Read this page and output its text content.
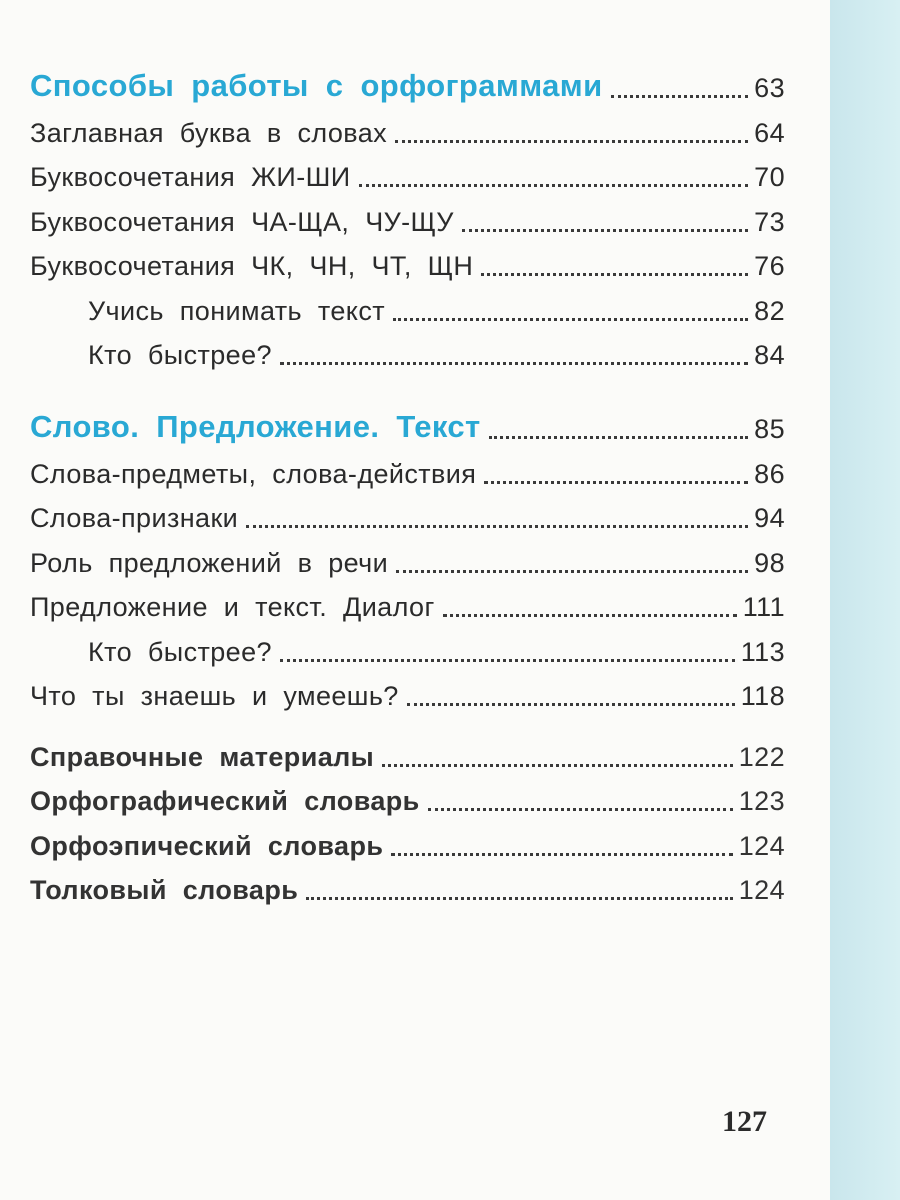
Способы работы с орфограммами	63
Заглавная буква в словах	64
Буквосочетания ЖИ-ШИ	70
Буквосочетания ЧА-ЩА, ЧУ-ЩУ	73
Буквосочетания ЧК, ЧН, ЧТ, ЩН	76
Учись понимать текст	82
Кто быстрее?	84
Слово. Предложение. Текст	85
Слова-предметы, слова-действия	86
Слова-признаки	94
Роль предложений в речи	98
Предложение и текст. Диалог	111
Кто быстрее?	113
Что ты знаешь и умеешь?	118
Справочные материалы	122
Орфографический словарь	123
Орфоэпический словарь	124
Толковый словарь	124
127
